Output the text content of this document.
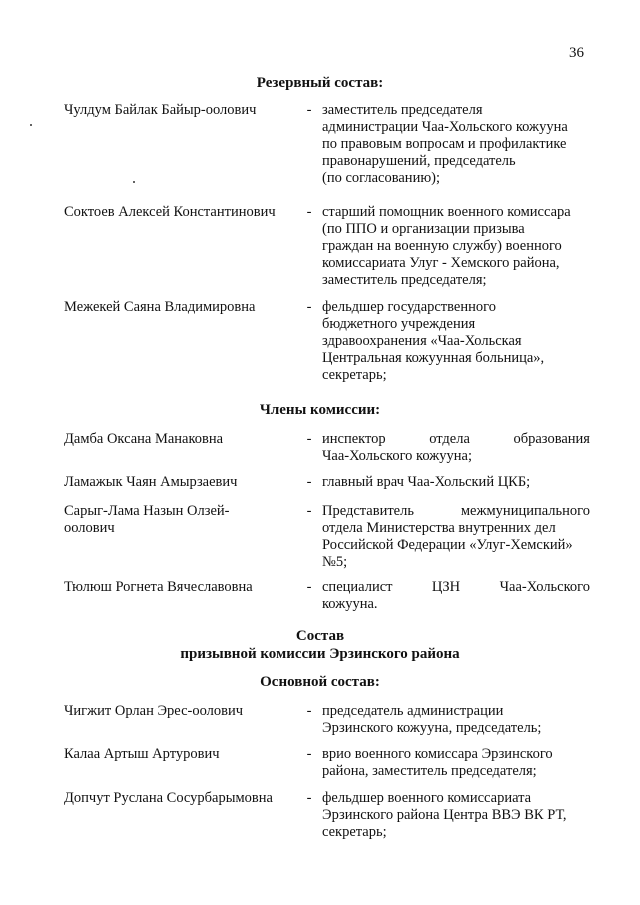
36
Резервный состав:
Чулдум Байлак Байыр-оолович	- заместитель председателя
администрации Чаа-Хольского кожууна
по правовым вопросам и профилактике
правонарушений, председатель
(по согласованию);
Соктоев Алексей Константинович	- старший помощник военного комиссара
(по ППО и организации призыва
граждан на военную службу) военного
комиссариата Улуг - Хемского района,
заместитель председателя;
Межекей Саяна Владимировна	- фельдшер государственного
бюджетного учреждения
здравоохранения «Чаа-Хольская
Центральная кожуунная больница»,
секретарь;
Члены комиссии:
Дамба Оксана Манаковна	- инспектор	отдела	образования
Чаа-Хольского кожууна;
Ламажык Чаян Амырзаевич	- главный врач Чаа-Хольский ЦКБ;
Сарыг-Лама Назын Олзей-
оолович
- Представитель	межмуниципального
отдела Министерства внутренних дел
Российской Федерации «Улуг-Хемский»
№5;
Тюлюш Рогнета Вячеславовна	- специалист	ЦЗН	Чаа-Хольского
кожууна.
Состав
призывной комиссии Эрзинского района
Основной состав:
Чигжит Орлан Эрес-оолович	- председатель администрации
Эрзинского кожууна, председатель;
Калаа Артыш Артурович	- врио военного комиссара Эрзинского
района, заместитель председателя;
Допчут Руслана Сосурбарымовна	- фельдшер военного комиссариата
Эрзинского района Центра ВВЭ ВК РТ,
секретарь;
